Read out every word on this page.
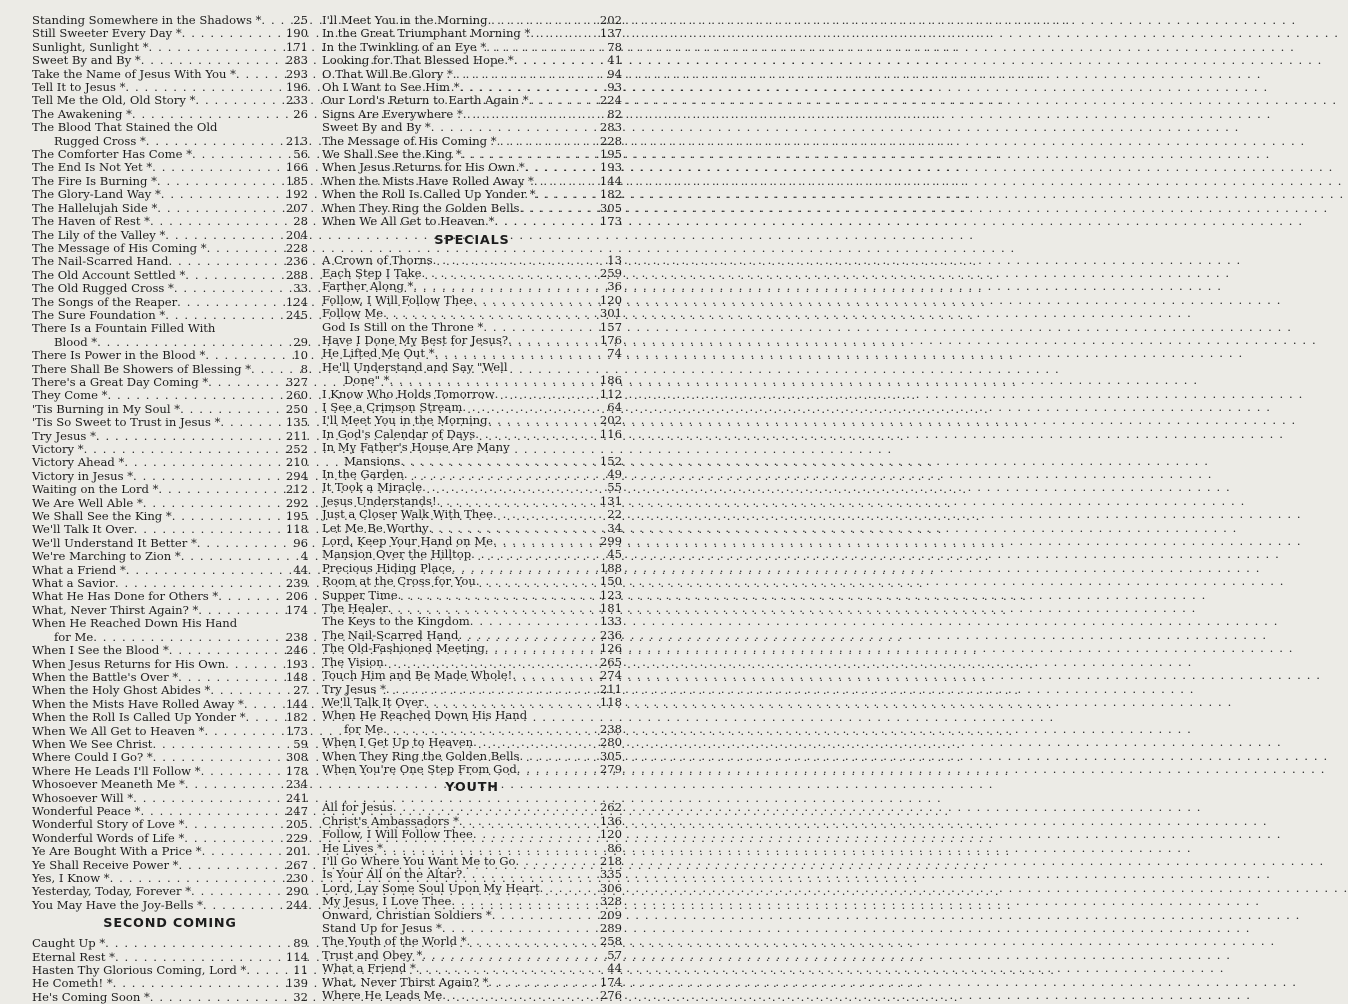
Standing Somewhere in the Shadows * . . .	25
Still Sweeter Every Day * . . .	190
Sunlight, Sunlight * . . .	171
Sweet By and By * . . .	283
Take the Name of Jesus With You * . . .	293
Tell It to Jesus * . . .	196
Tell Me the Old, Old Story * . . .	233
The Awakening * . . .	26
The Blood That Stained the Old
Rugged Cross * . . .	213
The Comforter Has Come * . . .	56
The End Is Not Yet * . . .	166
The Fire Is Burning * . . .	185
The Glory-Land Way * . . .	192
The Hallelujah Side * . . .	207
The Haven of Rest * . . .	28
The Lily of the Valley * . . .	204
The Message of His Coming * . . .	228
The Nail-Scarred Hand . . .	236
The Old Account Settled * . . .	288
The Old Rugged Cross * . . .	33
The Songs of the Reaper . . .	124
The Sure Foundation * . . .	245
There Is a Fountain Filled With
Blood * . . .	29
There Is Power in the Blood * . . .	10
There Shall Be Showers of Blessing * . . .	8
There's a Great Day Coming * . . .	327
They Come * . . .	260
'Tis Burning in My Soul * . . .	250
'Tis So Sweet to Trust in Jesus * . . .	135
Try Jesus * . . .	211
Victory * . . .	252
Victory Ahead * . . .	210
Victory in Jesus * . . .	294
Waiting on the Lord * . . .	212
We Are Well Able * . . .	292
We Shall See the King * . . .	195
We'll Talk It Over . . .	118
We'll Understand It Better * . . .	96
We're Marching to Zion * . . .	4
What a Friend * . . .	44
What a Savior . . .	239
What He Has Done for Others * . . .	206
What, Never Thirst Again? * . . .	174
When He Reached Down His Hand
for Me . . .	238
When I See the Blood * . . .	246
When Jesus Returns for His Own . . .	193
When the Battle's Over * . . .	148
When the Holy Ghost Abides * . . .	27
When the Mists Have Rolled Away * . . .	144
When the Roll Is Called Up Yonder * . . .	182
When We All Get to Heaven * . . .	173
When We See Christ . . .	59
Where Could I Go? * . . .	308
Where He Leads I'll Follow * . . .	178
Whosoever Meaneth Me * . . .	234
Whosoever Will * . . .	241
Wonderful Peace * . . .	247
Wonderful Story of Love * . . .	205
Wonderful Words of Life * . . .	229
Ye Are Bought With a Price * . . .	201
Ye Shall Receive Power * . . .	267
Yes, I Know * . . .	230
Yesterday, Today, Forever * . . .	290
You May Have the Joy-Bells * . . .	244
SECOND COMING
Caught Up * . . .	89
Eternal Rest * . . .	114
Hasten Thy Glorious Coming, Lord * . . .	11
He Cometh! * . . .	139
He's Coming Soon * . . .	32
I'll Meet You in the Morning . . .	202
In the Great Triumphant Morning * . . .	137
In the Twinkling of an Eye * . . .	78
Looking for That Blessed Hope * . . .	41
O That Will Be Glory * . . .	94
Oh I Want to See Him * . . .	93
Our Lord's Return to Earth Again * . . .	224
Signs Are Everywhere * . . .	82
Sweet By and By * . . .	283
The Message of His Coming * . . .	228
We Shall See the King * . . .	195
When Jesus Returns for His Own * . . .	193
When the Mists Have Rolled Away * . . .	144
When the Roll Is Called Up Yonder * . . .	182
When They Ring the Golden Bells . . .	305
When We All Get to Heaven * . . .	173
SPECIALS
A Crown of Thorns . . .	13
Each Step I Take . . .	259
Farther Along * . . .	36
Follow, I Will Follow Thee . . .	120
Follow Me . . .	301
God Is Still on the Throne * . . .	157
Have I Done My Best for Jesus? . . .	176
He Lifted Me Out * . . .	74
He'll Understand and Say "Well
Done" * . . .	186
I Know Who Holds Tomorrow . . .	112
I See a Crimson Stream . . .	64
I'll Meet You in the Morning . . .	202
In God's Calendar of Days . . .	116
In My Father's House Are Many
Mansions . . .	152
In the Garden . . .	49
It Took a Miracle . . .	55
Jesus Understands! . . .	131
Just a Closer Walk With Thee . . .	22
Let Me Be Worthy . . .	34
Lord, Keep Your Hand on Me . . .	299
Mansion Over the Hilltop . . .	45
Precious Hiding Place . . .	188
Room at the Cross for You . . .	150
Supper Time . . .	123
The Healer . . .	181
The Keys to the Kingdom . . .	133
The Nail-Scarred Hand . . .	236
The Old-Fashioned Meeting . . .	126
The Vision . . .	265
Touch Him and Be Made Whole! . . .	274
Try Jesus * . . .	211
We'll Talk It Over . . .	118
When He Reached Down His Hand
for Me . . .	238
When I Get Up to Heaven . . .	280
When They Ring the Golden Bells . . .	305
When You're One Step From God . . .	279
YOUTH
All for Jesus . . .	262
Christ's Ambassadors * . . .	136
Follow, I Will Follow Thee . . .	120
He Lives * . . .	86
I'll Go Where You Want Me to Go . . .	218
Is Your All on the Altar? . . .	335
Lord, Lay Some Soul Upon My Heart . . .	306
My Jesus, I Love Thee . . .	328
Onward, Christian Soldiers * . . .	209
Stand Up for Jesus * . . .	289
The Youth of the World * . . .	258
Trust and Obey * . . .	57
What a Friend * . . .	44
What, Never Thirst Again? * . . .	174
Where He Leads Me . . .	276
